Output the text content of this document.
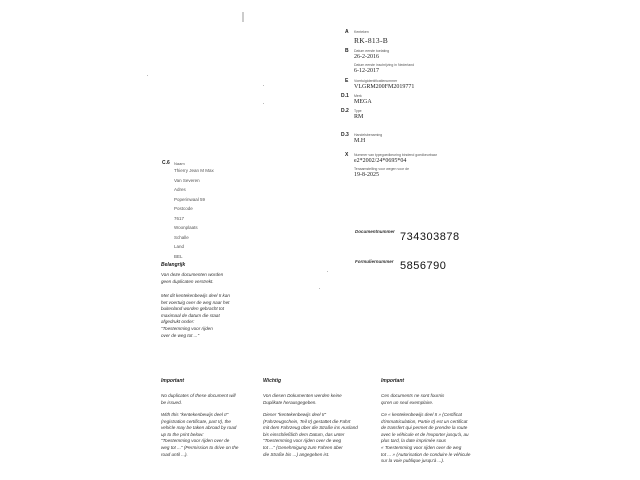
A	Kenteken
RK-813-B
B	Datum eerste toelating
26-2-2016
Datum eerste inschrijving in Nederland
6-12-2017
E	Voertuigidentificatienummer
VLGRM200FM2019771
D.1 Merk
MEGA
D.2 Type
RM
D.3 Handelsbenaming
M.H
X	Nummer van typegoedkeuring bindend goedkeurbaar
e2*2002/24*0695*04
Tenaamstelling voor wegen voor de
19-8-2025
C.6 Naam
Thierry Jean M Max
Van Severen
Adres
Poperinwaal 59
Postcode
7617
Woonplaats
Schalle
Land
BEL
Documentnummer 734303878
Formuliernummer 5856790
Belangrijk
Van deze documenten worden
geen duplicaten verstrekt.
Met dit kentekenbewijs deel II kan
het voertuig over de weg naar het
buitenland worden gebracht tot
maximaal de datum die staat
afgedrukt onder:
"Toestemming voor rijden
over de weg tot ..."
Important
No duplicates of these document will
be issued.
With this "kentekenbewijs deel II"
(registration certificate, part II), the
vehicle may be taken abroad by road
up to the print below:
"Toestemming voor rijden over de
weg tot ..." (Permission to drive on the
road until ...).
Wichtig
Von diesen Dokumenten werden keine
Duplikate herausgegeben.
Dieser "kentekenbewijs deel II"
(Fahrzeugschein, Teil II) gestattet die Fahrt
mit dem Fahrzeug über die Straße ins Ausland
bis einschließlich dem Datum, das unter
"Toestemming voor rijden over de weg
tot ..." (Genehmigung zum Fahren über
die Straße bis ...) angegeben ist.
Important
Ces documents ne sont fournis
qu'en un seul exemplaire.
Ce « kentekenbewijs deel II » (Certificat
d'immatriculation, Partie II) est un certificat
de transfert qui permet de prendre la route
avec le véhicule et de l'exporter jusqu'à, au
plus tard, la date imprimée sous
« Toestemming voor rijden over de weg
tot ... » (Autorisation de conduire le véhicule
sur la voie publique jusqu'à ...).
